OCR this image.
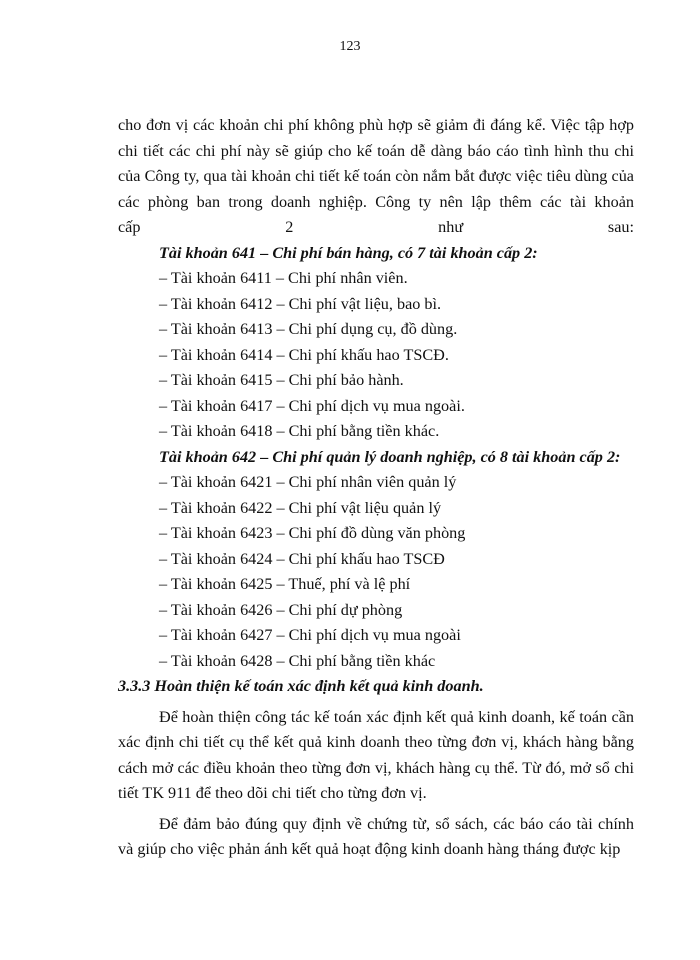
123

cho đơn vị các khoản chi phí không phù hợp sẽ giảm đi đáng kể. Việc tập hợp chi tiết các chi phí này sẽ giúp cho kế toán dễ dàng báo cáo tình hình thu chi của Công ty, qua tài khoản chi tiết kế toán còn nắm bắt được việc tiêu dùng của các phòng ban trong doanh nghiệp. Công ty nên lập thêm các tài khoản
cấp 2 như sau:

Tài khoản 641 – Chi phí bán hàng, có 7 tài khoản cấp 2:

– Tài khoản 6411 – Chi phí nhân viên.
– Tài khoản 6412 – Chi phí vật liệu, bao bì.
– Tài khoản 6413 – Chi phí dụng cụ, đồ dùng.
– Tài khoản 6414 – Chi phí khấu hao TSCĐ.
– Tài khoản 6415 – Chi phí bảo hành.
– Tài khoản 6417 – Chi phí dịch vụ mua ngoài.
– Tài khoản 6418 – Chi phí bằng tiền khác.

Tài khoản 642 – Chi phí quản lý doanh nghiệp, có 8 tài khoản cấp 2:

– Tài khoản 6421 – Chi phí nhân viên quản lý
– Tài khoản 6422 – Chi phí vật liệu quản lý
– Tài khoản 6423 – Chi phí đồ dùng văn phòng
– Tài khoản 6424 – Chi phí khấu hao TSCĐ
– Tài khoản 6425 – Thuế, phí và lệ phí
– Tài khoản 6426 – Chi phí dự phòng
– Tài khoản 6427 – Chi phí dịch vụ mua ngoài
– Tài khoản 6428 – Chi phí bằng tiền khác

3.3.3 Hoàn thiện kế toán xác định kết quả kinh doanh.

Để hoàn thiện công tác kế toán xác định kết quả kinh doanh, kế toán cần xác định chi tiết cụ thể kết quả kinh doanh theo từng đơn vị, khách hàng bằng cách mở các điều khoản theo từng đơn vị, khách hàng cụ thể. Từ đó, mở sổ chi tiết TK 911 để theo dõi chi tiết cho từng đơn vị.

Để đảm bảo đúng quy định về chứng từ, sổ sách, các báo cáo tài chính và giúp cho việc phản ánh kết quả hoạt động kinh doanh hàng tháng được kịp
